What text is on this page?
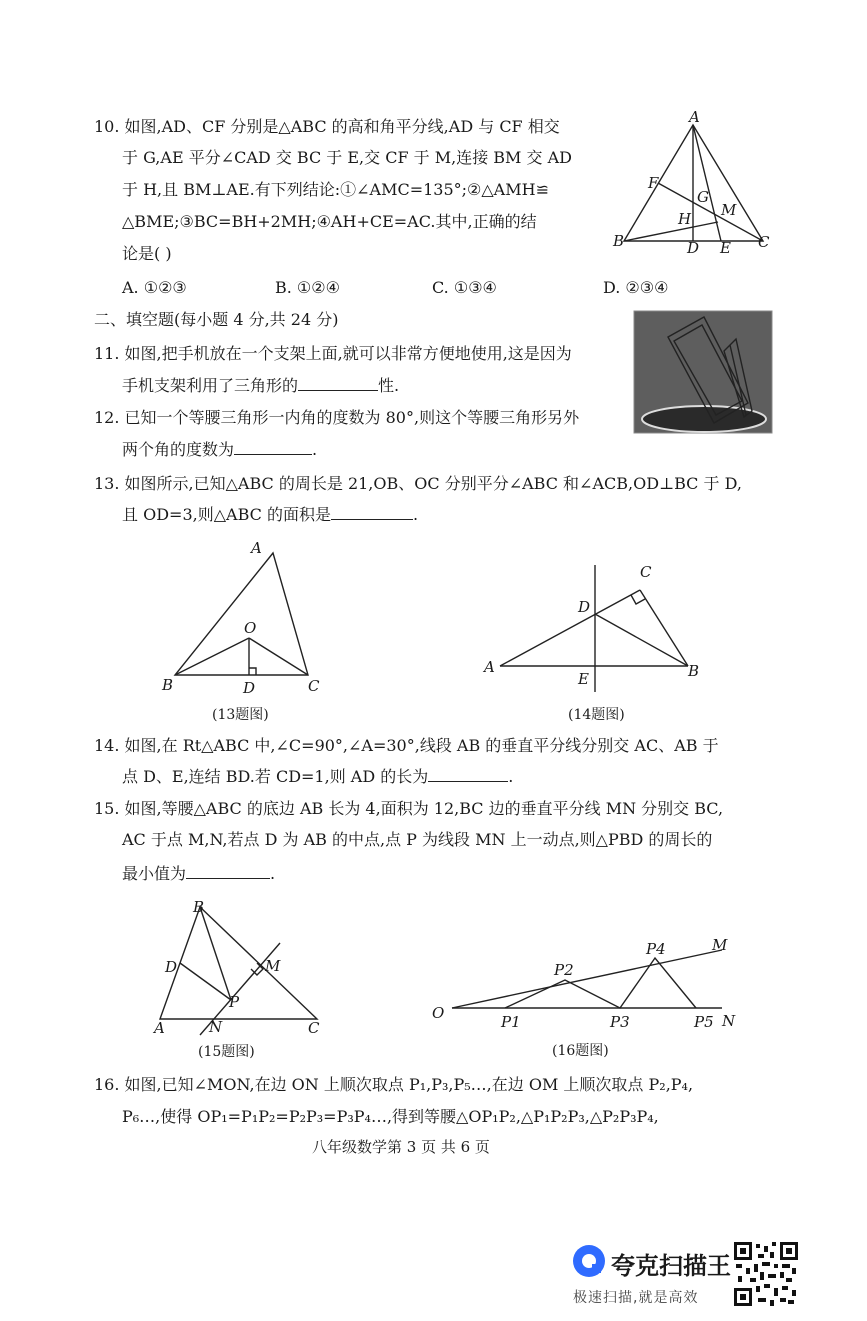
10. 如图,AD、CF 分别是△ABC 的高和角平分线,AD 与 CF 相交
于 G,AE 平分∠CAD 交 BC 于 E,交 CF 于 M,连接 BM 交 AD
于 H,且 BM⊥AE.有下列结论:①∠AMC=135°;②△AMH≌
△BME;③BC=BH+2MH;④AH+CE=AC.其中,正确的结
论是( )
A. ①②③	B. ①②④	C. ①③④	D. ②③④
A
F
G
M
H
B	D E C
二、填空题(每小题 4 分,共 24 分)
11. 如图,把手机放在一个支架上面,就可以非常方便地使用,这是因为
手机支架利用了三角形的	性.
12. 已知一个等腰三角形一内角的度数为 80°,则这个等腰三角形另外
两个角的度数为	.
13. 如图所示,已知△ABC 的周长是 21,OB、OC 分别平分∠ABC 和∠ACB,OD⊥BC 于 D,
且 OD=3,则△ABC 的面积是	.
A
O
B	D	C
(13题图)
C
D
A
E	B
(14题图)
14. 如图,在 Rt△ABC 中,∠C=90°,∠A=30°,线段 AB 的垂直平分线分别交 AC、AB 于
点 D、E,连结 BD.若 CD=1,则 AD 的长为	.
15. 如图,等腰△ABC 的底边 AB 长为 4,面积为 12,BC 边的垂直平分线 MN 分别交 BC,
AC 于点 M,N,若点 D 为 AB 的中点,点 P 为线段 MN 上一动点,则△PBD 的周长的
最小值为	.
B
D	M
P
A	N	C
(15题图)
M
P4
P2
O	P1	P3	P5 N
(16题图)
16. 如图,已知∠MON,在边 ON 上顺次取点 P₁,P₃,P₅…,在边 OM 上顺次取点 P₂,P₄,
P₆…,使得 OP₁=P₁P₂=P₂P₃=P₃P₄…,得到等腰△OP₁P₂,△P₁P₂P₃,△P₂P₃P₄,
八年级数学第 3 页 共 6 页
夸克扫描王
极速扫描,就是高效
